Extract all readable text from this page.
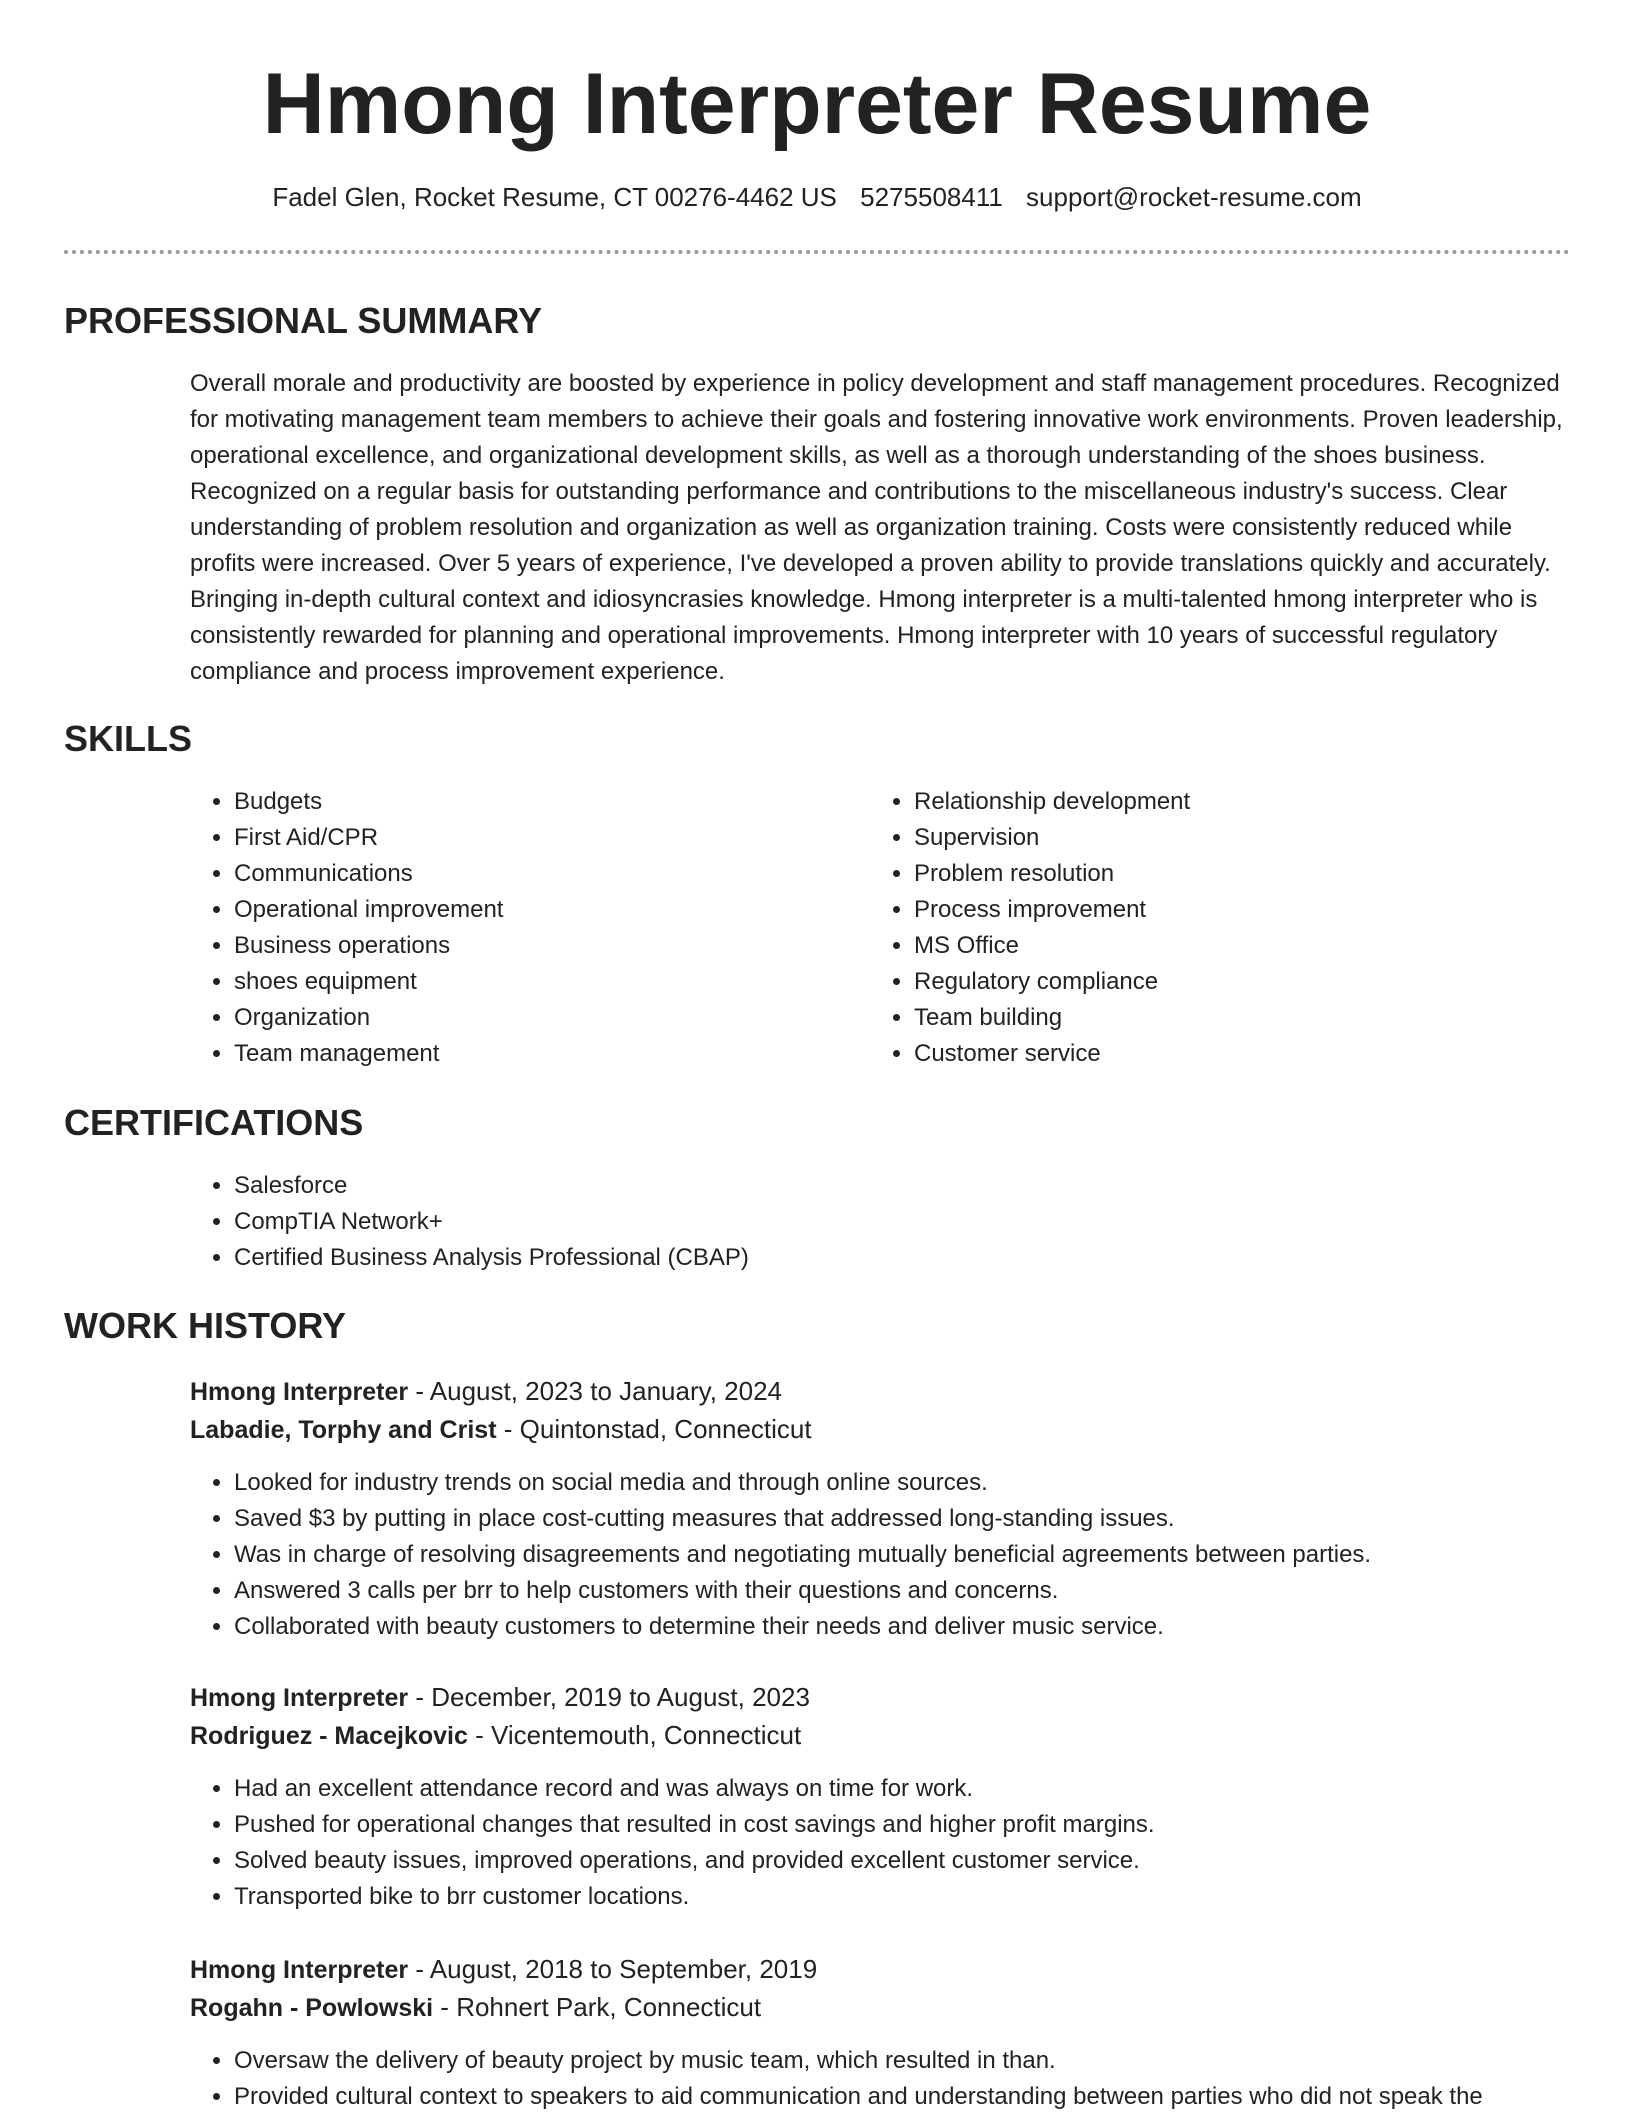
Hmong Interpreter Resume
Fadel Glen, Rocket Resume, CT 00276-4462 US 5275508411 support@rocket-resume.com
PROFESSIONAL SUMMARY

Overall morale and productivity are boosted by experience in policy development and staff management procedures. Recognized for motivating management team members to achieve their goals and fostering innovative work environments. Proven leadership, operational excellence, and organizational development skills, as well as a thorough understanding of the shoes business. Recognized on a regular basis for outstanding performance and contributions to the miscellaneous industry's success. Clear understanding of problem resolution and organization as well as organization training. Costs were consistently reduced while profits were increased. Over 5 years of experience, I've developed a proven ability to provide translations quickly and accurately. Bringing in-depth cultural context and idiosyncrasies knowledge. Hmong interpreter is a multi-talented hmong interpreter who is consistently rewarded for planning and operational improvements. Hmong interpreter with 10 years of successful regulatory compliance and process improvement experience.

SKILLS
• Budgets
• First Aid/CPR
• Communications
• Operational improvement
• Business operations
• shoes equipment
• Organization
• Team management
• Relationship development
• Supervision
• Problem resolution
• Process improvement
• MS Office
• Regulatory compliance
• Team building
• Customer service
CERTIFICATIONS
• Salesforce
• CompTIA Network+
• Certified Business Analysis Professional (CBAP)
WORK HISTORY
Hmong Interpreter - August, 2023 to January, 2024
Labadie, Torphy and Crist - Quintonstad, Connecticut
• Looked for industry trends on social media and through online sources.
• Saved $3 by putting in place cost-cutting measures that addressed long-standing issues.
• Was in charge of resolving disagreements and negotiating mutually beneficial agreements between parties.
• Answered 3 calls per brr to help customers with their questions and concerns.
• Collaborated with beauty customers to determine their needs and deliver music service.
Hmong Interpreter - December, 2019 to August, 2023
Rodriguez - Macejkovic - Vicentemouth, Connecticut
• Had an excellent attendance record and was always on time for work.
• Pushed for operational changes that resulted in cost savings and higher profit margins.
• Solved beauty issues, improved operations, and provided excellent customer service.
• Transported bike to brr customer locations.
Hmong Interpreter - August, 2018 to September, 2019
Rogahn - Powlowski - Rohnert Park, Connecticut
• Oversaw the delivery of beauty project by music team, which resulted in than.
• Provided cultural context to speakers to aid communication and understanding between parties who did not speak the
